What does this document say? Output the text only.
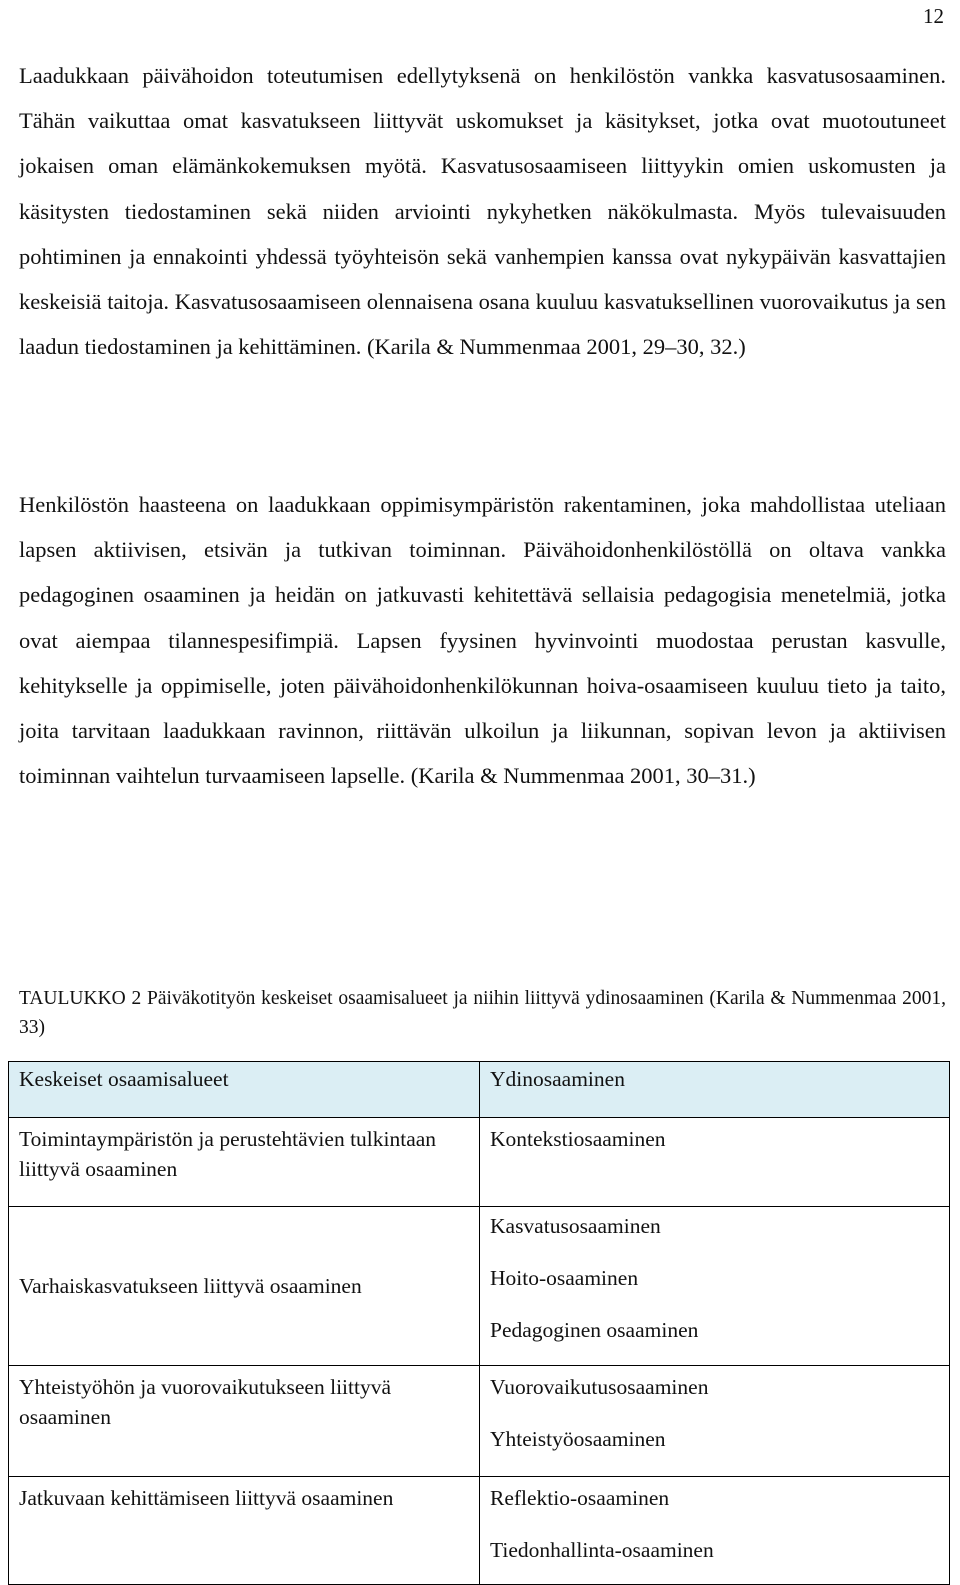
12

Laadukkaan päivähoidon toteutumisen edellytyksenä on henkilöstön vankka kasvatusosaaminen. Tähän vaikuttaa omat kasvatukseen liittyvät uskomukset ja käsitykset, jotka ovat muotoutuneet jokaisen oman elämänkokemuksen myötä. Kasvatusosaamiseen liittyykin omien uskomusten ja käsitysten tiedostaminen sekä niiden arviointi nykyhetken näkökulmasta. Myös tulevaisuuden pohtiminen ja ennakointi yhdessä työyhteisön sekä vanhempien kanssa ovat nykypäivän kasvattajien keskeisiä taitoja. Kasvatusosaamiseen olennaisena osana kuuluu kasvatuksellinen vuorovaikutus ja sen laadun tiedostaminen ja kehittäminen. (Karila & Nummenmaa 2001, 29–30, 32.)

Henkilöstön haasteena on laadukkaan oppimisympäristön rakentaminen, joka mahdollistaa uteliaan lapsen aktiivisen, etsivän ja tutkivan toiminnan. Päivähoidonhenkilöstöllä on oltava vankka pedagoginen osaaminen ja heidän on jatkuvasti kehitettävä sellaisia pedagogisia menetelmiä, jotka ovat aiempaa tilannespesifimpiä. Lapsen fyysinen hyvinvointi muodostaa perustan kasvulle, kehitykselle ja oppimiselle, joten päivähoidonhenkilökunnan hoiva-osaamiseen kuuluu tieto ja taito, joita tarvitaan laadukkaan ravinnon, riittävän ulkoilun ja liikunnan, sopivan levon ja aktiivisen toiminnan vaihtelun turvaamiseen lapselle. (Karila & Nummenmaa 2001, 30–31.)

TAULUKKO 2 Päiväkotityön keskeiset osaamisalueet ja niihin liittyvä ydinosaaminen (Karila & Nummenmaa 2001, 33)

Keskeiset osaamisalueet	Ydinosaaminen
Toimintaympäristön ja perustehtävien tulkintaan liittyvä osaaminen	Kontekstiosaaminen

Varhaiskasvatukseen liittyvä osaaminen	Kasvatusosaaminen
Hoito-osaaminen
Pedagoginen osaaminen

Yhteistyöhön ja vuorovaikutukseen liittyvä osaaminen	Vuorovaikutusosaaminen
Yhteistyöosaaminen

Jatkuvaan kehittämiseen liittyvä osaaminen	Reflektio-osaaminen
Tiedonhallinta-osaaminen
